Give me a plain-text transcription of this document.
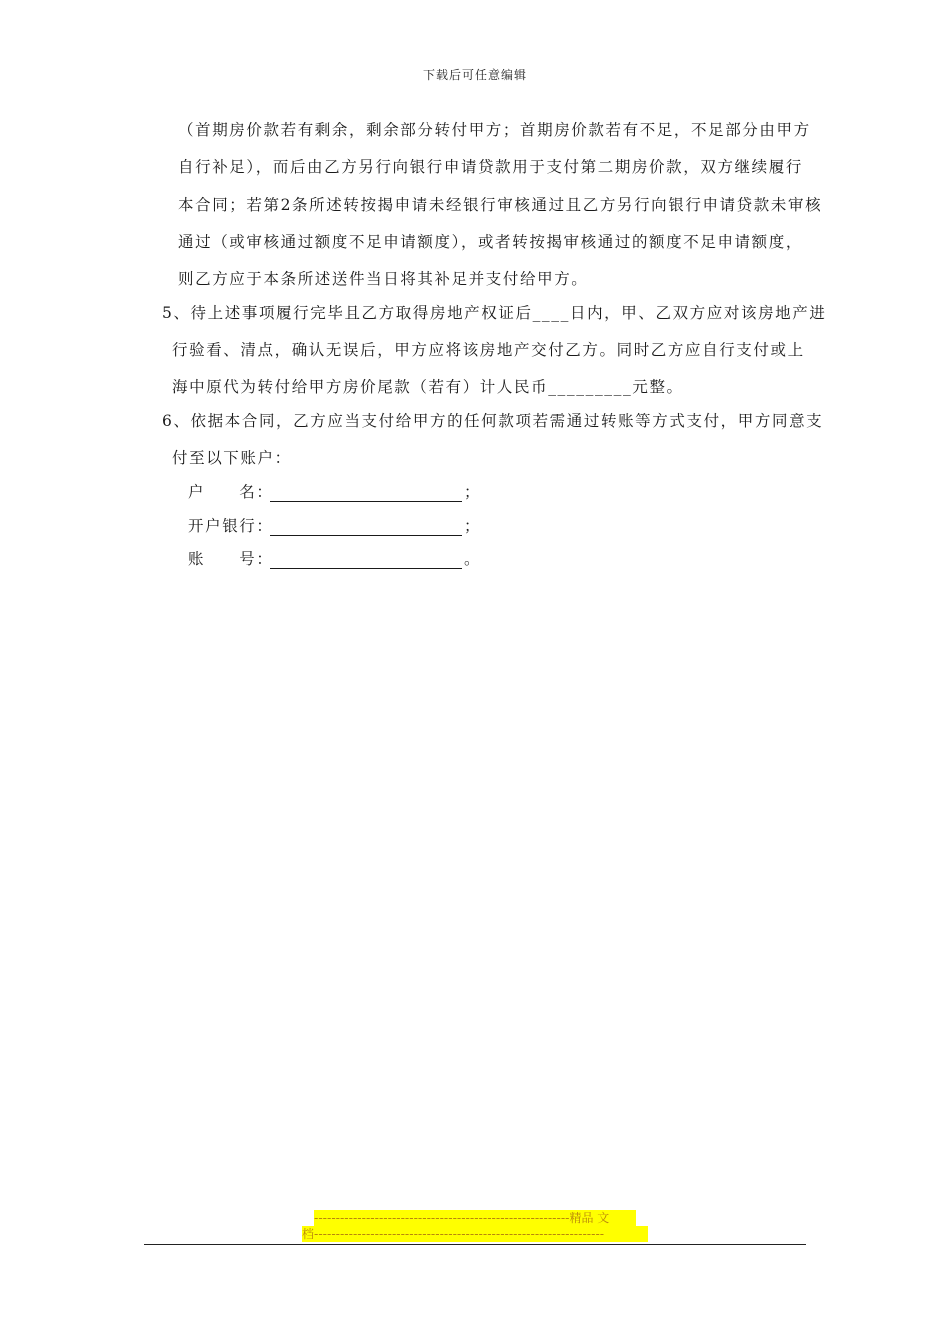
下载后可任意编辑
（首期房价款若有剩余，剩余部分转付甲方；首期房价款若有不足，不足部分由甲方
自行补足），而后由乙方另行向银行申请贷款用于支付第二期房价款，双方继续履行
本合同；若第2条所述转按揭申请未经银行审核通过且乙方另行向银行申请贷款未审核
通过（或审核通过额度不足申请额度），或者转按揭审核通过的额度不足申请额度，
则乙方应于本条所述送件当日将其补足并支付给甲方。
5、待上述事项履行完毕且乙方取得房地产权证后____日内，甲、乙双方应对该房地产进
行验看、清点，确认无误后，甲方应将该房地产交付乙方。同时乙方应自行支付或上
海中原代为转付给甲方房价尾款（若有）计人民币_________元整。
6、依据本合同，乙方应当支付给甲方的任何款项若需通过转账等方式支付，甲方同意支
付至以下账户：
户　　名：	；
开户银行：	；
账　　号：	。
-----------------------------------------------------------精品 文
档-------------------------------------------------------------------
